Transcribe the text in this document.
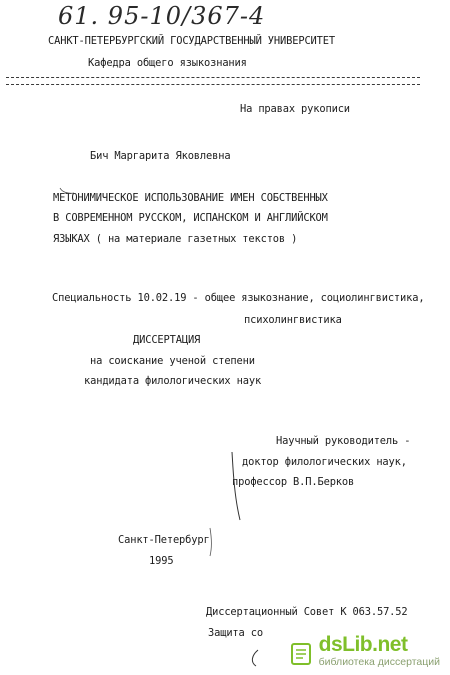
61. 95-10/367-4
САНКТ-ПЕТЕРБУРГСКИЙ ГОСУДАРСТВЕННЫЙ УНИВЕРСИТЕТ
Кафедра общего языкознания
На правах рукописи
Бич Маргарита Яковлевна
МЕТОНИМИЧЕСКОЕ ИСПОЛЬЗОВАНИЕ ИМЕН СОБСТВЕННЫХ
В СОВРЕМЕННОМ РУССКОМ, ИСПАНСКОМ И АНГЛИЙСКОМ
ЯЗЫКАХ ( на материале газетных текстов )
Специальность 10.02.19 - общее языкознание, социолингвистика,
психолингвистика
ДИССЕРТАЦИЯ
на соискание ученой степени
кандидата филологических наук
Научный руководитель -
доктор филологических наук,
профессор В.П.Берков
Санкт-Петербург
1995
Диссертационный Совет К 063.57.52
Защита со	dsLib.net
библиотека диссертаций
